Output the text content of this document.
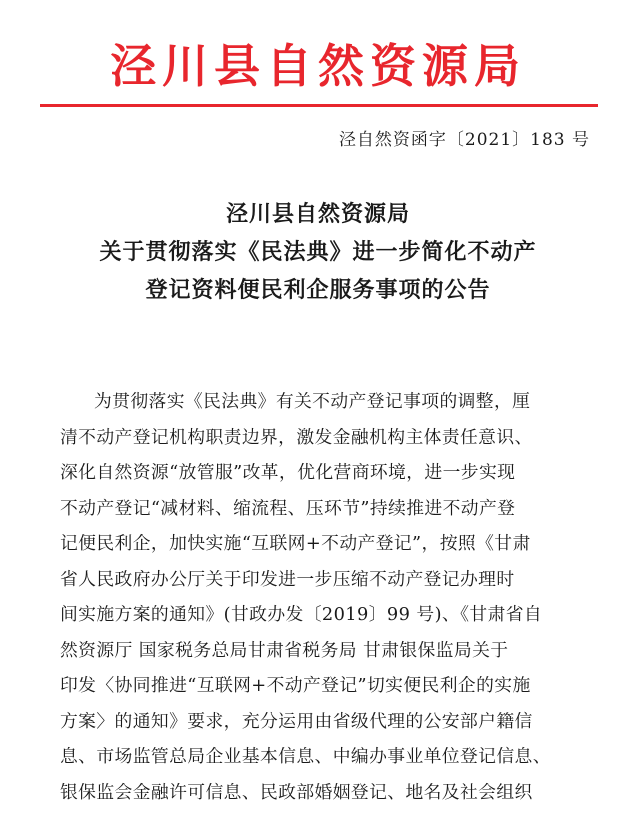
泾川县自然资源局
泾自然资函字〔2021〕183 号
泾川县自然资源局
关于贯彻落实《民法典》进一步简化不动产
登记资料便民利企服务事项的公告
为贯彻落实《民法典》有关不动产登记事项的调整，厘
清不动产登记机构职责边界，激发金融机构主体责任意识、
深化自然资源“放管服”改革，优化营商环境，进一步实现
不动产登记“减材料、缩流程、压环节”持续推进不动产登
记便民利企，加快实施“互联网+不动产登记”，按照《甘肃
省人民政府办公厅关于印发进一步压缩不动产登记办理时
间实施方案的通知》(甘政办发〔2019〕99 号)、《甘肃省自
然资源厅 国家税务总局甘肃省税务局 甘肃银保监局关于
印发〈协同推进“互联网+不动产登记”切实便民利企的实施
方案〉的通知》要求，充分运用由省级代理的公安部户籍信
息、市场监管总局企业基本信息、中编办事业单位登记信息、
银保监会金融许可信息、民政部婚姻登记、地名及社会组织
